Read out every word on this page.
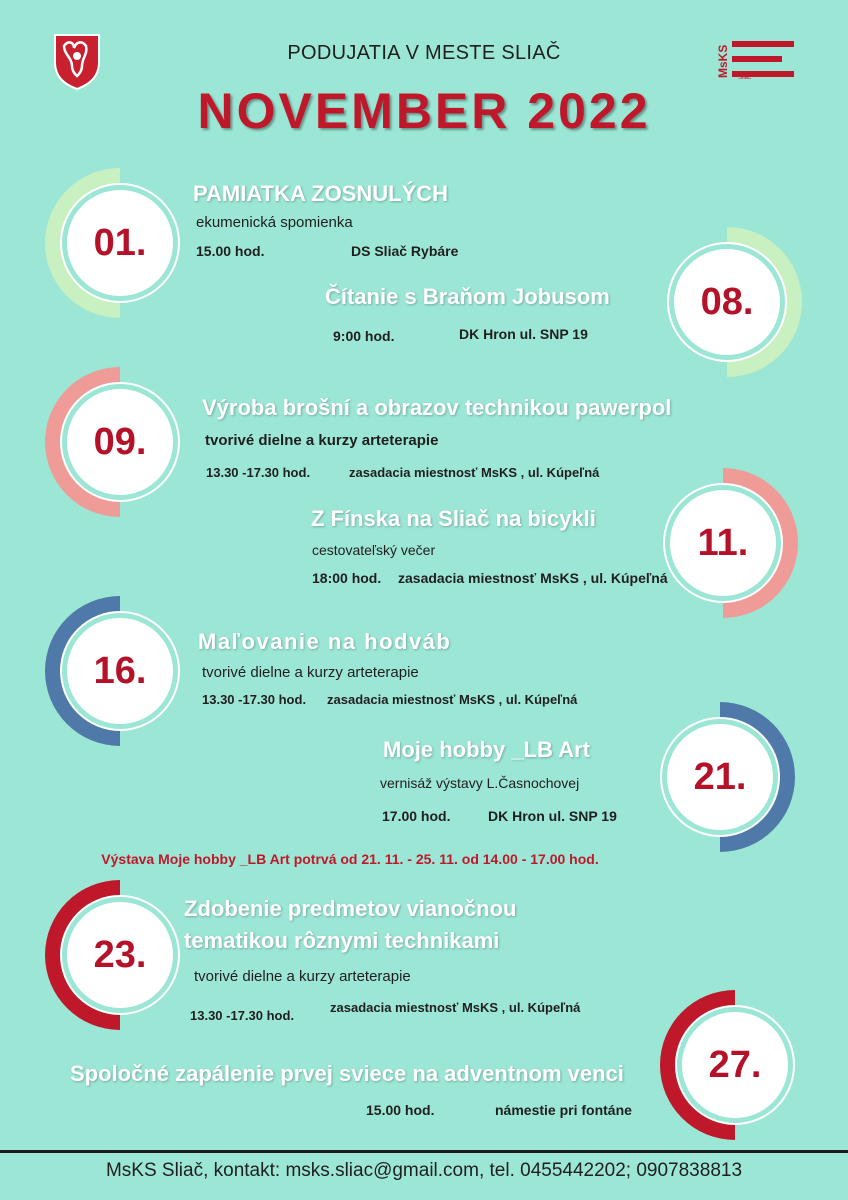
PODUJATIA V MESTE SLIAČ
NOVEMBER 2022
MsKS Sliač
01.
PAMIATKA ZOSNULÝCH
ekumenická spomienka
15.00 hod.	DS Sliač Rybáre
08.
Čítanie s Braňom Jobusom
9:00 hod.	DK Hron ul. SNP 19
09.
Výroba brošní a obrazov technikou pawerpol
tvorivé dielne a kurzy arteterapie
13.30 -17.30 hod.	zasadacia miestnosť MsKS , ul. Kúpeľná
11.
Z Fínska na Sliač na bicykli
cestovateľský večer
18:00 hod. zasadacia miestnosť MsKS , ul. Kúpeľná
16.
Maľovanie na hodváb
tvorivé dielne a kurzy arteterapie
13.30 -17.30 hod. zasadacia miestnosť MsKS , ul. Kúpeľná
21.
Moje hobby _LB Art
vernisáž výstavy L.Časnochovej
17.00 hod.	DK Hron ul. SNP 19
Výstava Moje hobby _LB Art potrvá od 21. 11. - 25. 11. od 14.00 - 17.00 hod.
23.
Zdobenie predmetov vianočnou
tematikou rôznymi technikami
tvorivé dielne a kurzy arteterapie
13.30 -17.30 hod.
zasadacia miestnosť MsKS , ul. Kúpeľná
27.
Spoločné zapálenie prvej sviece na adventnom venci
15.00 hod.	námestie pri fontáne
MsKS Sliač, kontakt: msks.sliac@gmail.com, tel. 0455442202; 0907838813
